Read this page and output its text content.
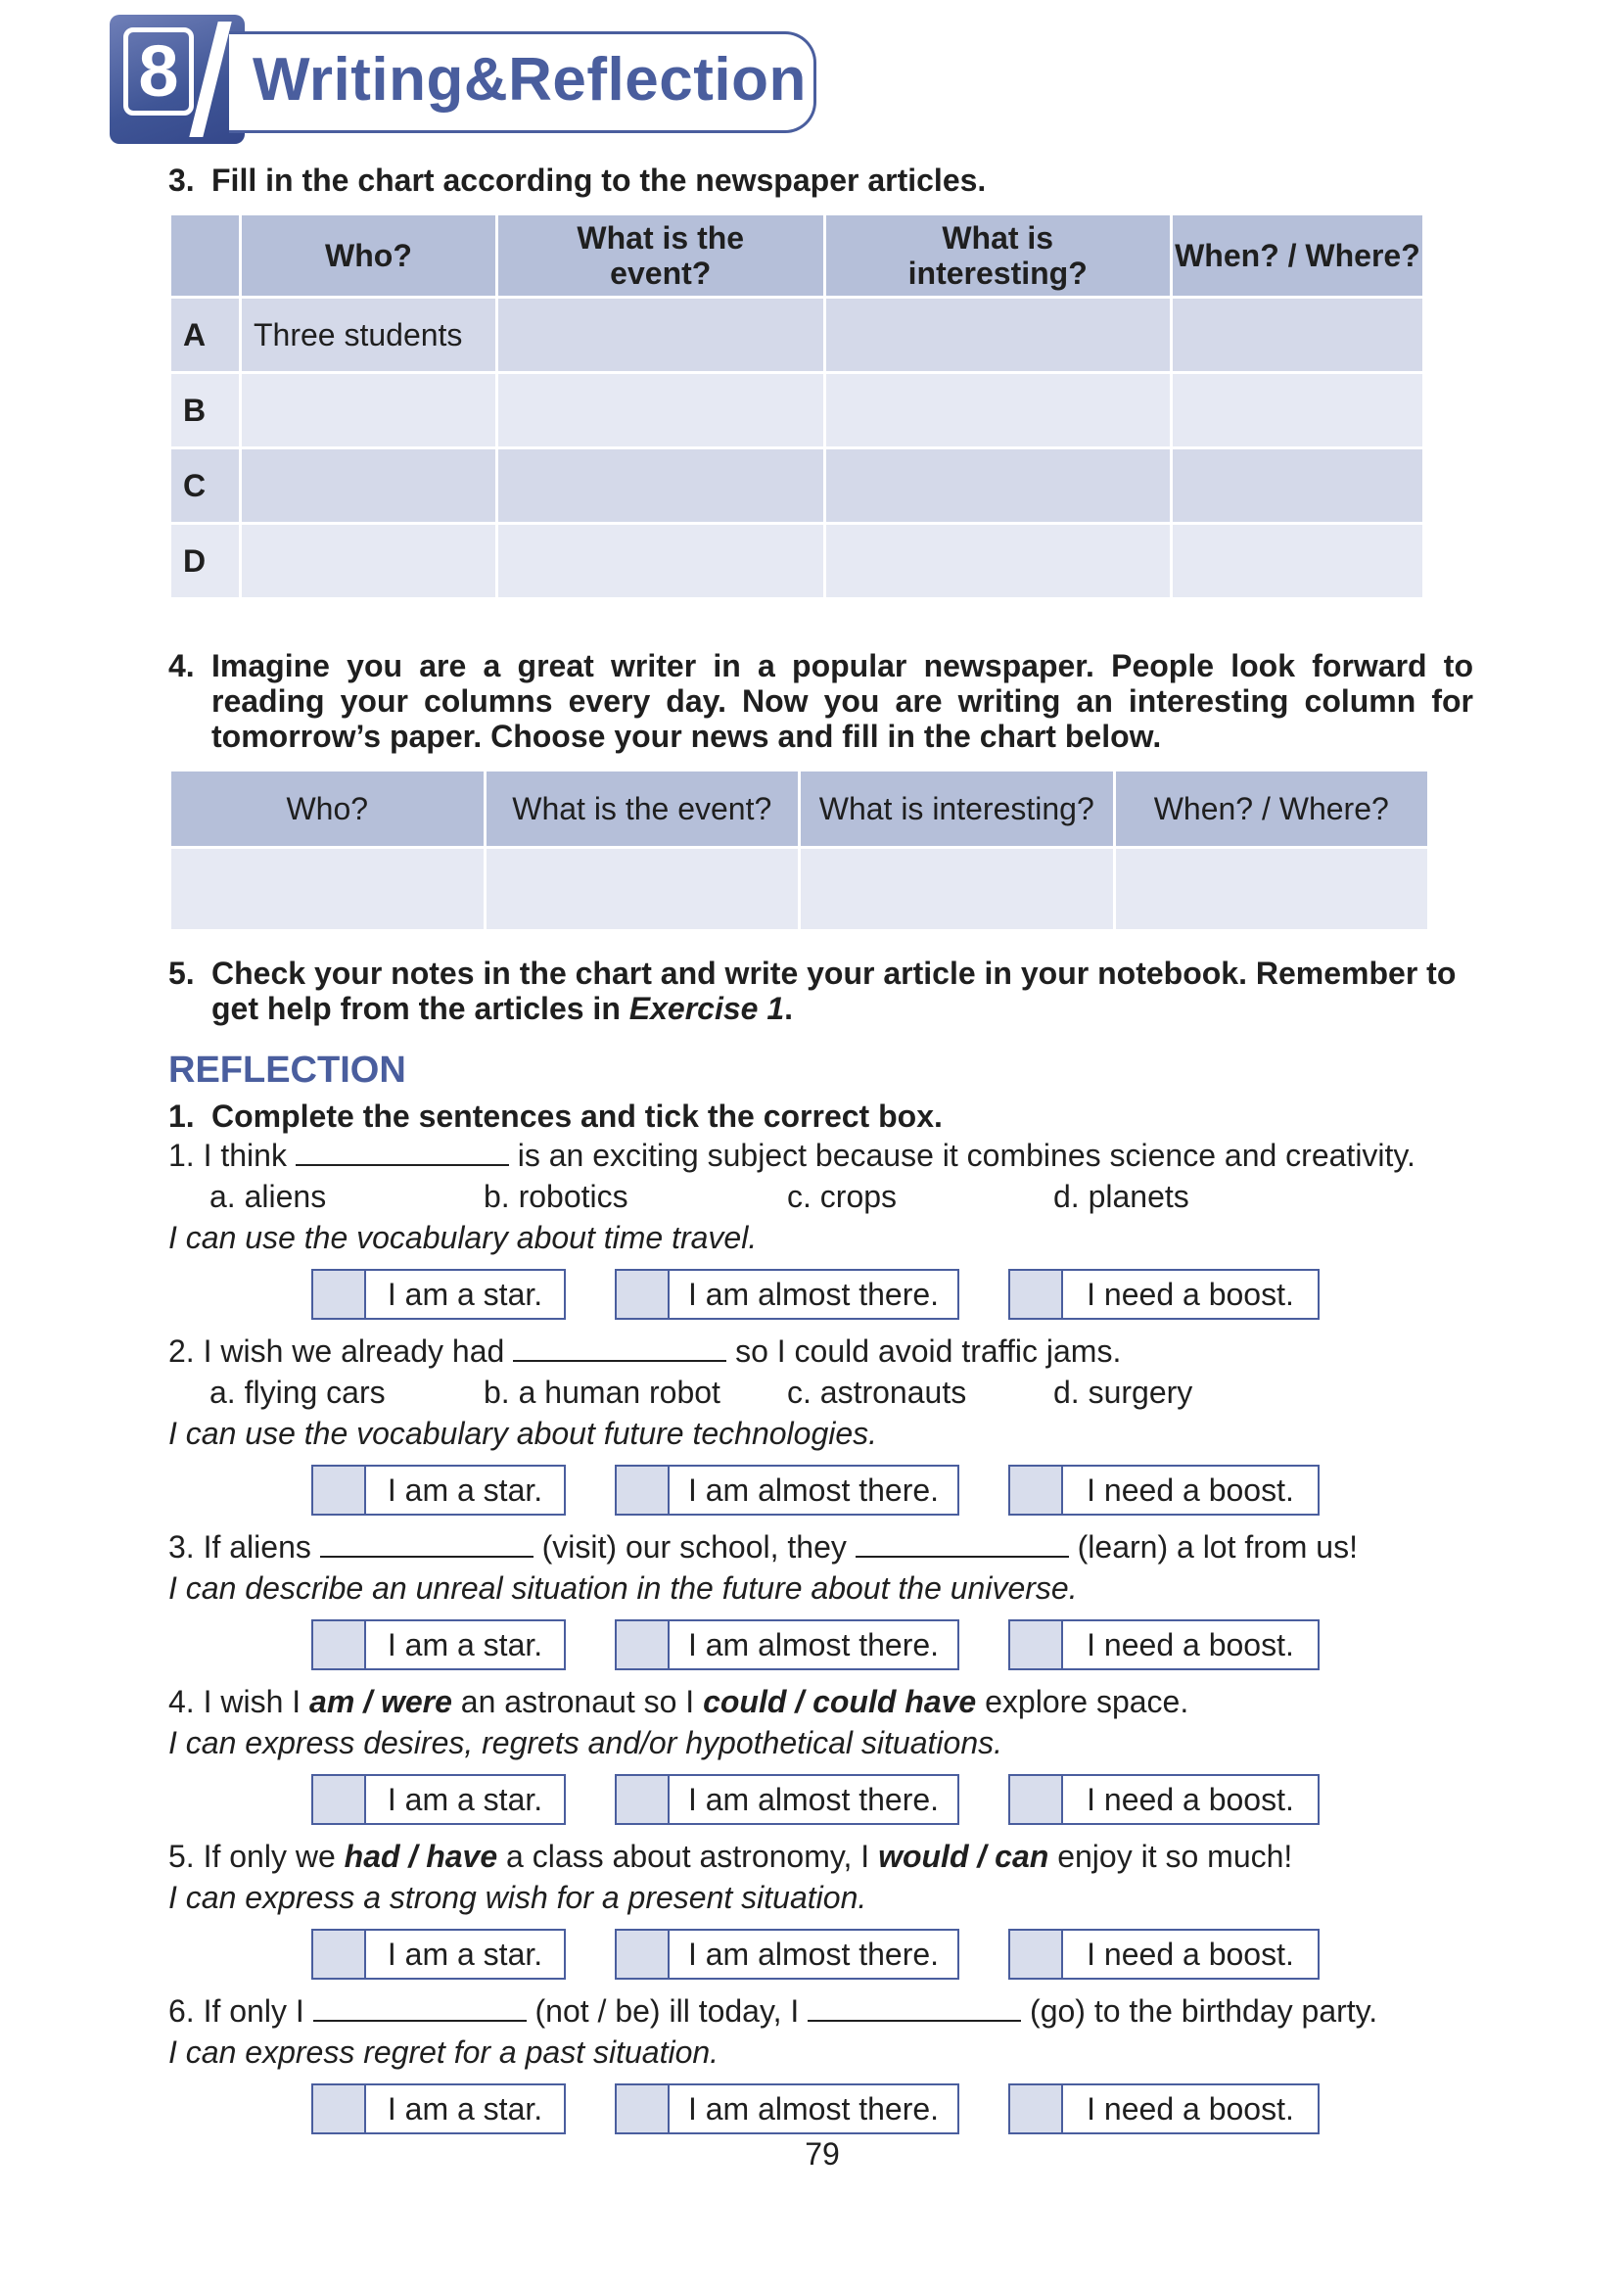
8 Writing&Reflection
3. Fill in the chart according to the newspaper articles.
	Who?	What is the event?	What is interesting?	When? / Where?
A	Three students			
B				
C				
D				
4. Imagine you are a great writer in a popular newspaper. People look forward to reading your columns every day. Now you are writing an interesting column for tomorrow’s paper. Choose your news and fill in the chart below.
Who?	What is the event?	What is interesting?	When? / Where?

5. Check your notes in the chart and write your article in your notebook. Remember to get help from the articles in Exercise 1.
REFLECTION
1. Complete the sentences and tick the correct box.
1. I think	is an exciting subject because it combines science and creativity.
a. aliens	b. robotics	c. crops	d. planets
I can use the vocabulary about time travel.
I am a star.	I am almost there.	I need a boost.
2. I wish we already had	so I could avoid traffic jams.
a. flying cars	b. a human robot c. astronauts	d. surgery
I can use the vocabulary about future technologies.
I am a star.	I am almost there.	I need a boost.
3. If aliens	(visit) our school, they	(learn) a lot from us!
I can describe an unreal situation in the future about the universe.
I am a star.	I am almost there.	I need a boost.
4. I wish I am / were an astronaut so I could / could have explore space.
I can express desires, regrets and/or hypothetical situations.
I am a star.	I am almost there.	I need a boost.
5. If only we had / have a class about astronomy, I would / can enjoy it so much!
I can express a strong wish for a present situation.
I am a star.	I am almost there.	I need a boost.
6. If only I	(not / be) ill today, I	(go) to the birthday party.
I can express regret for a past situation.
I am a star.	I am almost there.	I need a boost.
79
